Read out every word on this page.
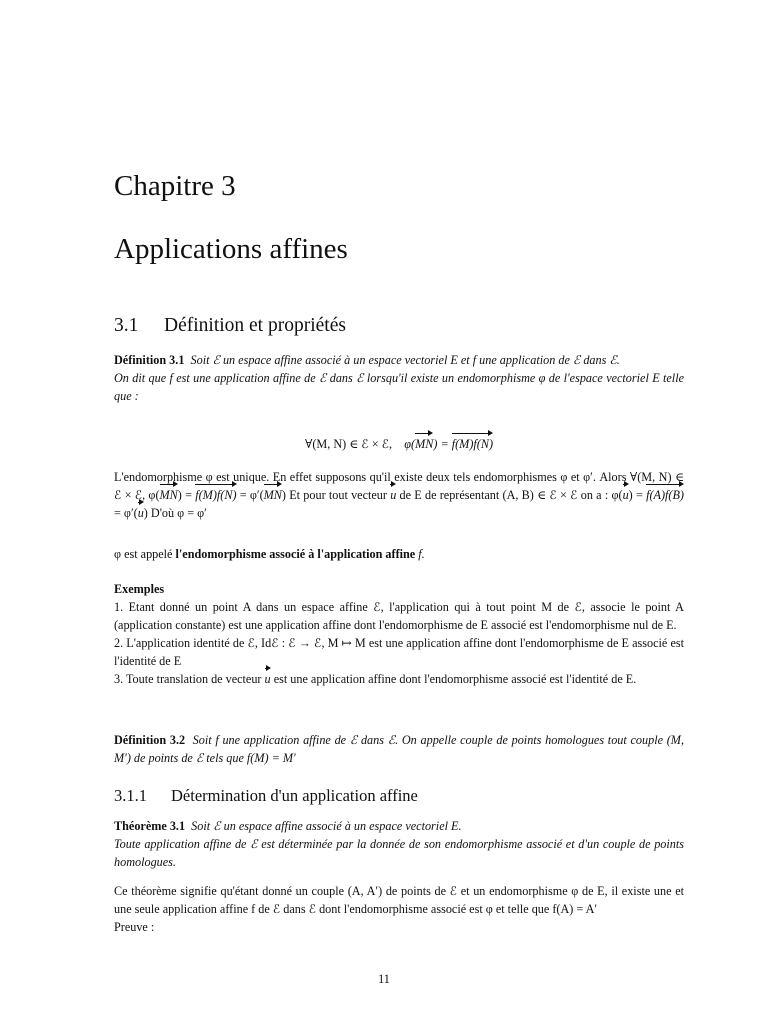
Chapitre 3
Applications affines
3.1 Définition et propriétés

Définition 3.1 Soit ℰ un espace affine associé à un espace vectoriel E et f une application de ℰ dans ℰ.

On dit que f est une application affine de ℰ dans ℰ lorsqu'il existe un endomorphisme φ de l'espace vectoriel E telle que :

∀(M, N) ∈ ℰ × ℰ, φ(MN) = f(M)f(N)

L'endomorphisme φ est unique. En effet supposons qu'il existe deux tels endomorphismes φ et φ′. Alors ∀(M, N) ∈ ℰ × ℰ, φ(MN) = f(M)f(N) = φ′(MN) Et pour tout vecteur u de E de représentant (A, B) ∈ ℰ × ℰ on a : φ(u) = f(A)f(B) = φ′(u) D'où φ = φ′

φ est appelé l'endomorphisme associé à l'application affine f.

Exemples

1. Etant donné un point A dans un espace affine ℰ, l'application qui à tout point M de ℰ, associe le point A (application constante) est une application affine dont l'endomorphisme de E associé est l'endomorphisme nul de E.

2. L'application identité de ℰ, Idℰ : ℰ → ℰ, M ↦ M est une application affine dont l'endomorphisme de E associé est l'identité de E

3. Toute translation de vecteur u est une application affine dont l'endomorphisme associé est l'identité de E.

Définition 3.2 Soit f une application affine de ℰ dans ℰ. On appelle couple de points homologues tout couple (M, M′) de points de ℰ tels que f(M) = M′

3.1.1 Détermination d'un application affine

Théorème 3.1 Soit ℰ un espace affine associé à un espace vectoriel E.

Toute application affine de ℰ est déterminée par la donnée de son endomorphisme associé et d'un couple de points homologues.

Ce théorème signifie qu'étant donné un couple (A, A′) de points de ℰ et un endomorphisme φ de E, il existe une et une seule application affine f de ℰ dans ℰ dont l'endomorphisme associé est φ et telle que f(A) = A′

Preuve :

11
